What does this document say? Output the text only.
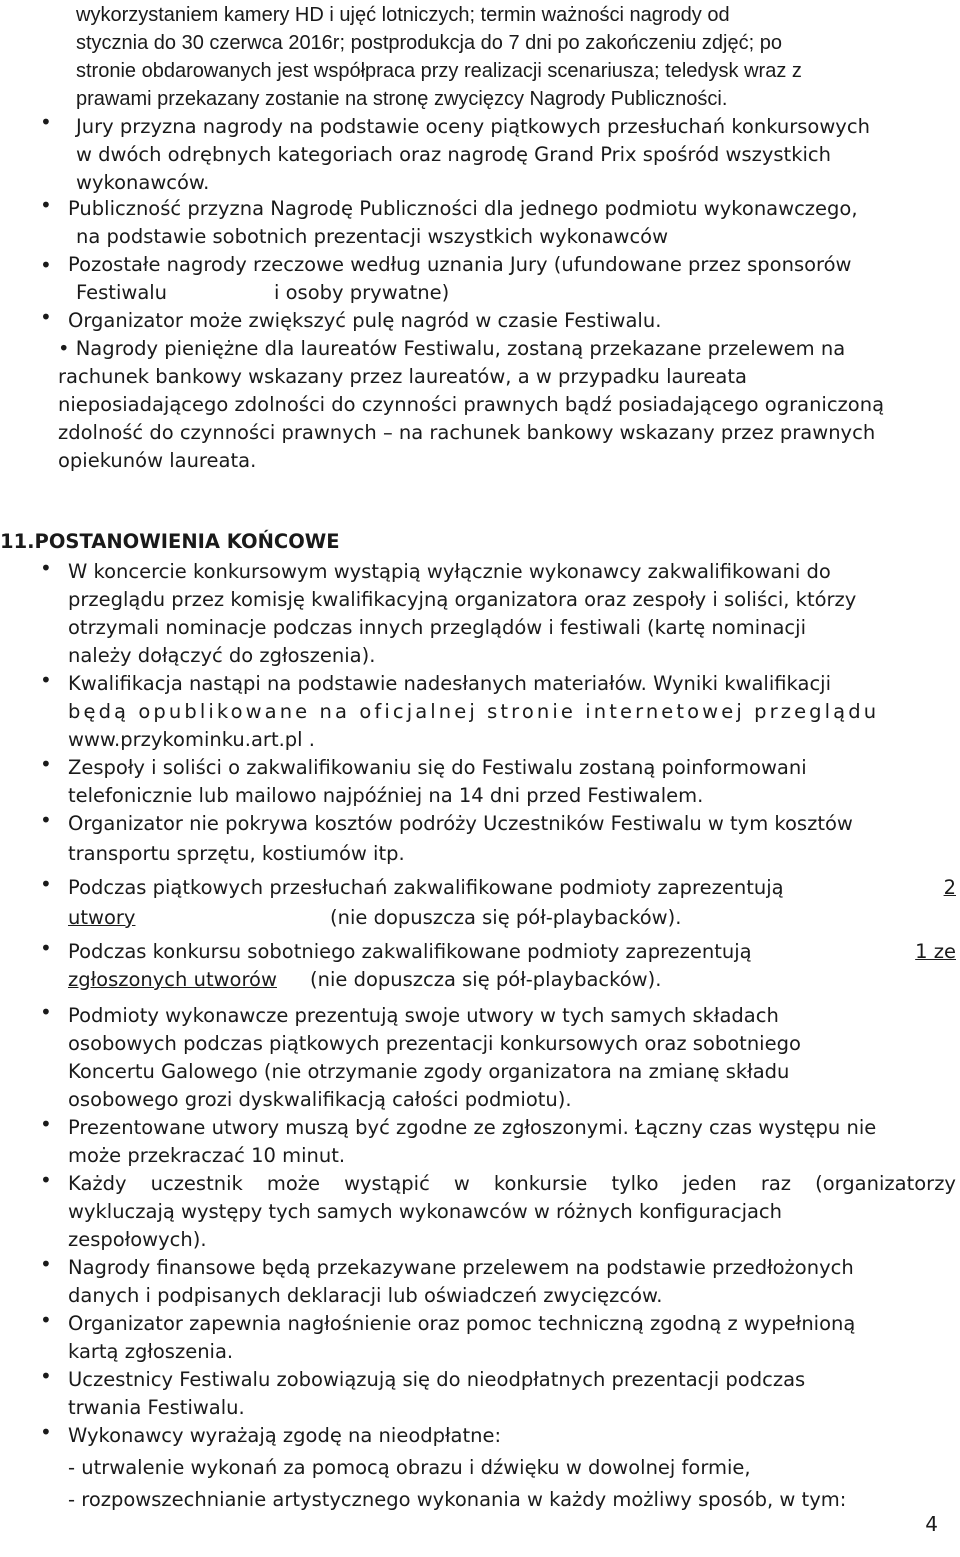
wykorzystaniem kamery HD i ujęć lotniczych; termin ważności nagrody od
stycznia do 30 czerwca 2016r; postprodukcja do 7 dni po zakończeniu zdjęć; po
stronie obdarowanych jest współpraca przy realizacji scenariusza; teledysk wraz z
prawami przekazany zostanie na stronę zwycięzcy Nagrody Publiczności.
• Jury przyzna nagrody na podstawie oceny piątkowych przesłuchań konkursowych
w dwóch odrębnych kategoriach oraz nagrodę Grand Prix spośród wszystkich
wykonawców.
• Publiczność przyzna Nagrodę Publiczności dla jednego podmiotu wykonawczego,
na podstawie sobotnich prezentacji wszystkich wykonawców
• Pozostałe nagrody rzeczowe według uznania Jury (ufundowane przez sponsorów
Festiwalu	i osoby prywatne)
• Organizator może zwiększyć pulę nagród w czasie Festiwalu.
• Nagrody pieniężne dla laureatów Festiwalu, zostaną przekazane przelewem na
rachunek bankowy wskazany przez laureatów, a w przypadku laureata
nieposiadającego zdolności do czynności prawnych bądź posiadającego ograniczoną
zdolność do czynności prawnych – na rachunek bankowy wskazany przez prawnych
opiekunów laureata.
11.POSTANOWIENIA KOŃCOWE
• W koncercie konkursowym wystąpią wyłącznie wykonawcy zakwalifikowani do
przeglądu przez komisję kwalifikacyjną organizatora oraz zespoły i soliści, którzy
otrzymali nominacje podczas innych przeglądów i festiwali (kartę nominacji
należy dołączyć do zgłoszenia).
• Kwalifikacja nastąpi na podstawie nadesłanych materiałów. Wyniki kwalifikacji
będą opublikowane na oficjalnej stronie internetowej przeglądu
www.przykominku.art.pl .
• Zespoły i soliści o zakwalifikowaniu się do Festiwalu zostaną poinformowani
telefonicznie lub mailowo najpóźniej na 14 dni przed Festiwalem.
• Organizator nie pokrywa kosztów podróży Uczestników Festiwalu w tym kosztów
transportu sprzętu, kostiumów itp.
• Podczas piątkowych przesłuchań zakwalifikowane podmioty zaprezentują	2
utwory	(nie dopuszcza się pół-playbacków).
• Podczas konkursu sobotniego zakwalifikowane podmioty zaprezentują	1 ze
zgłoszonych utworów (nie dopuszcza się pół-playbacków).
• Podmioty wykonawcze prezentują swoje utwory w tych samych składach
osobowych podczas piątkowych prezentacji konkursowych oraz sobotniego
Koncertu Galowego (nie otrzymanie zgody organizatora na zmianę składu
osobowego grozi dyskwalifikacją całości podmiotu).
• Prezentowane utwory muszą być zgodne ze zgłoszonymi. Łączny czas występu nie
może przekraczać 10 minut.
• Każdy uczestnik może wystąpić w konkursie tylko jeden raz (organizatorzy
wykluczają występy tych samych wykonawców w różnych konfiguracjach
zespołowych).
• Nagrody finansowe będą przekazywane przelewem na podstawie przedłożonych
danych i podpisanych deklaracji lub oświadczeń zwycięzców.
• Organizator zapewnia nagłośnienie oraz pomoc techniczną zgodną z wypełnioną
kartą zgłoszenia.
• Uczestnicy Festiwalu zobowiązują się do nieodpłatnych prezentacji podczas
trwania Festiwalu.
• Wykonawcy wyrażają zgodę na nieodpłatne:
- utrwalenie wykonań za pomocą obrazu i dźwięku w dowolnej formie,
- rozpowszechnianie artystycznego wykonania w każdy możliwy sposób, w tym:
4
